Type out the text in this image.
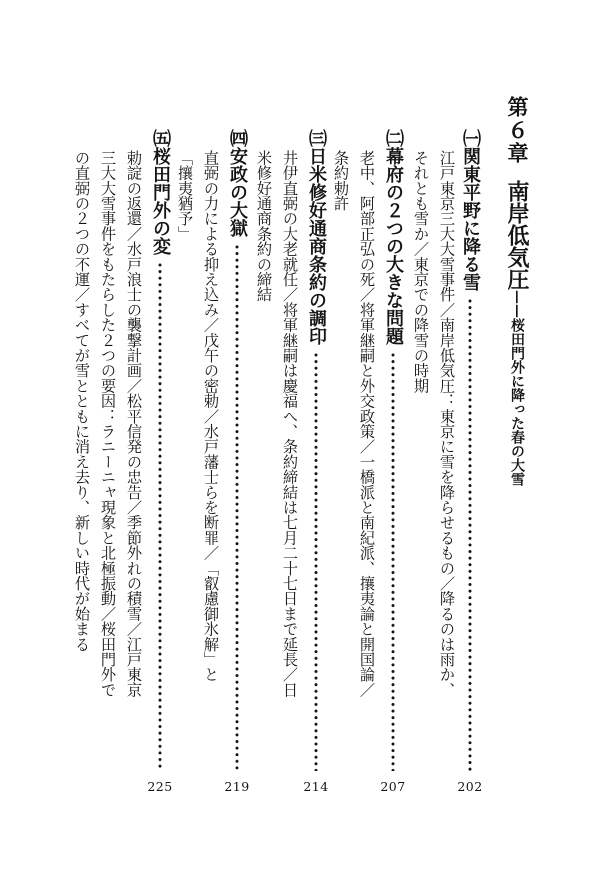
第６章南岸低気圧——桜田門外に降った春の大雪
㈠関東平野に降る雪
202
江戸東京三大大雪事件／南岸低気圧：東京に雪を降らせるもの／降るのは雨か、
それとも雪か／東京での降雪の時期
㈡幕府の２つの大きな問題
207
老中、阿部正弘の死／将軍継嗣と外交政策／一橋派と南紀派、攘夷論と開国論／
条約勅許
㈢日米修好通商条約の調印
214
井伊直弼の大老就任／将軍継嗣は慶福へ、条約締結は七月二十七日まで延長／日
米修好通商条約の締結
㈣安政の大獄
219
直弼の力による抑え込み／戊午の密勅／水戸藩士らを断罪／「叡慮御氷解」と
「攘夷猶予」
㈤桜田門外の変
225
勅諚の返還／水戸浪士の襲撃計画／松平信発の忠告／季節外れの積雪／江戸東京
三大大雪事件をもたらした２つの要因：ラニーニャ現象と北極振動／桜田門外で
の直弼の２つの不運／すべてが雪とともに消え去り、新しい時代が始まる
